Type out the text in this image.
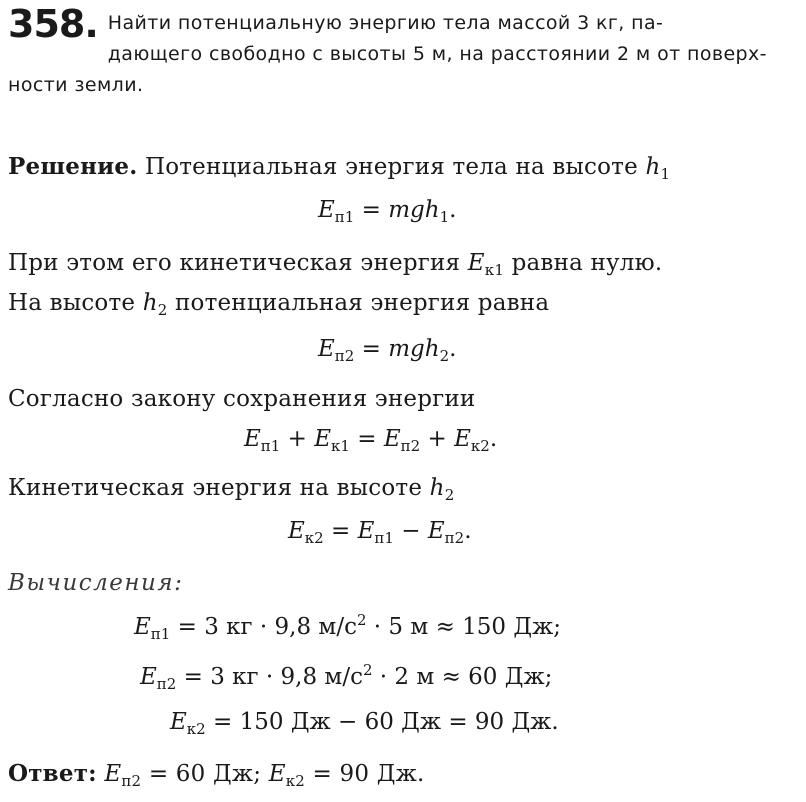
358. Найти потенциальную энергию тела массой 3 кг, па-
дающего свободно с высоты 5 м, на расстоянии 2 м от поверх-
ности земли.
Решение. Потенциальная энергия тела на высоте $h_1$
$E_{п1} = mgh_1$.
При этом его кинетическая энергия $E_{к1}$ равна нулю.
На высоте $h_2$ потенциальная энергия равна
$E_{п2} = mgh_2$.
Согласно закону сохранения энергии
$E_{п1} + E_{к1} = E_{п2} + E_{к2}$.
Кинетическая энергия на высоте $h_2$
$E_{к2} = E_{п1} - E_{п2}$.
Вычисления:
$E_{п1} = 3$ кг · 9,8 $м/с^2 \cdot 5$ м ≈ 150 Дж;
$E_{п2} = 3$ кг · 9,8 $м/с^2 \cdot 2$ м ≈ 60 Дж;
$E_{к2} = 150$ Дж − 60 Дж = 90 Дж.
Ответ: $E_{п2} = 60$ Дж; $E_{к2} = 90$ Дж.
